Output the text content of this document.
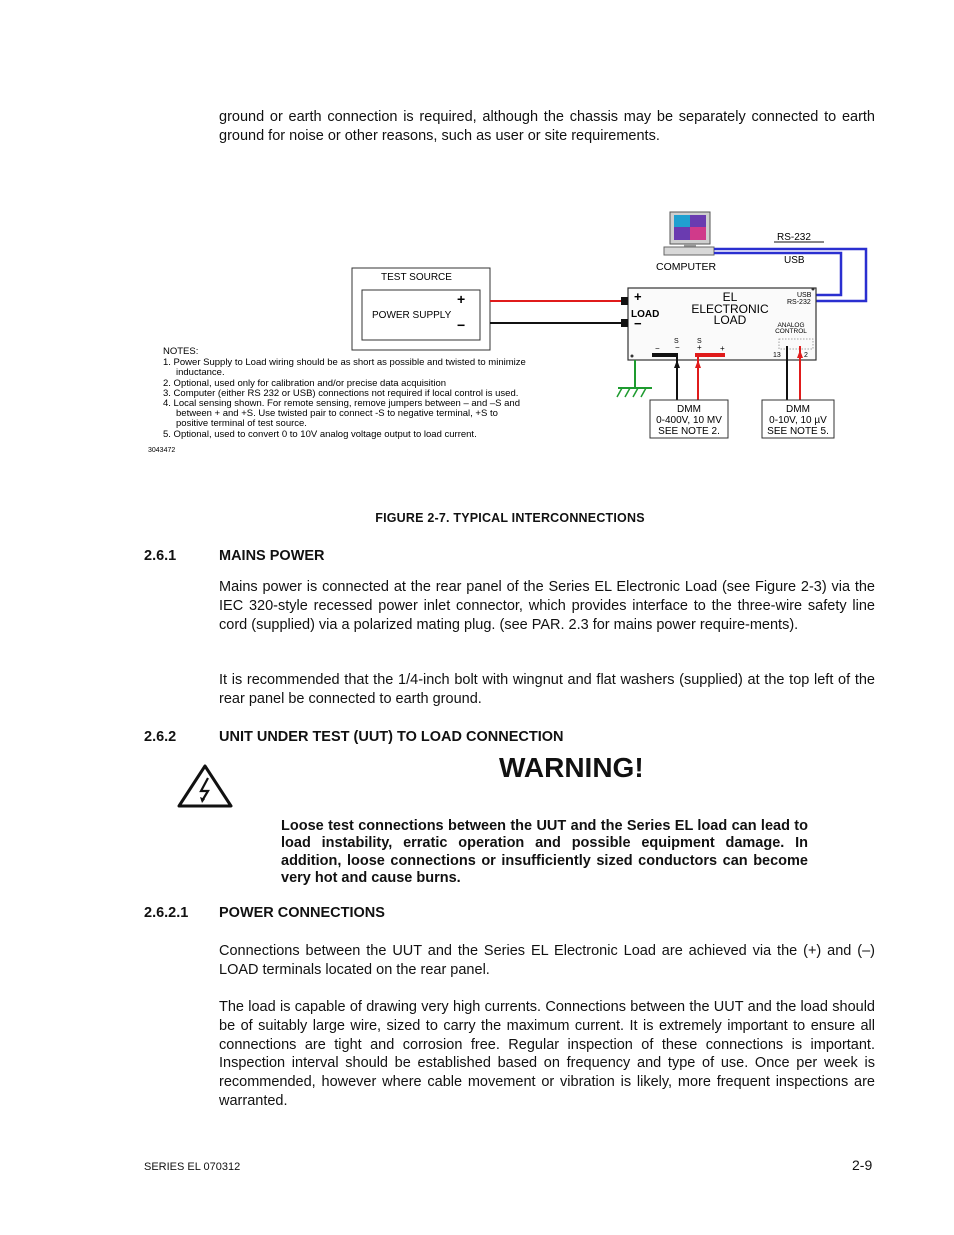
ground or earth connection is required, although the chassis may be separately connected to earth ground for noise or other reasons, such as user or site requirements.
COMPUTER
RS-232
USB
TEST SOURCE
POWER SUPPLY
+
−
+
−
LOAD
EL
ELECTRONIC
LOAD
USB
RS-232
ANALOG
CONTROL
13	2
S
−
S
+
−	+
DMM
0-400V, 10 MV
SEE NOTE 2.
DMM
0-10V, 10 µV
SEE NOTE 5.
NOTES:
1. Power Supply to Load wiring should be as short as possible and twisted to minimize
inductance.
2. Optional, used only for calibration and/or precise data acquisition
3. Computer (either RS 232 or USB) connections not required if local control is used.
4. Local sensing shown. For remote sensing, remove jumpers between – and –S and
between + and +S. Use twisted pair to connect -S to negative terminal, +S to
positive terminal of test source.
5. Optional, used to convert 0 to 10V analog voltage output to load current.
3043472
FIGURE 2-7. TYPICAL INTERCONNECTIONS
2.6.1	MAINS POWER
Mains power is connected at the rear panel of the Series EL Electronic Load (see Figure 2-3) via the IEC 320-style recessed power inlet connector, which provides interface to the three-wire safety line cord (supplied) via a polarized mating plug. (see PAR. 2.3 for mains power require-ments).
It is recommended that the 1/4-inch bolt with wingnut and flat washers (supplied) at the top left of the rear panel be connected to earth ground.
2.6.2	UNIT UNDER TEST (UUT) TO LOAD CONNECTION
WARNING!
Loose test connections between the UUT and the Series EL load can lead to load instability, erratic operation and possible equipment damage. In addition, loose connections or insufficiently sized conductors can become very hot and cause burns.
2.6.2.1 POWER CONNECTIONS
Connections between the UUT and the Series EL Electronic Load are achieved via the (+) and (–) LOAD terminals located on the rear panel.
The load is capable of drawing very high currents. Connections between the UUT and the load should be of suitably large wire, sized to carry the maximum current. It is extremely important to ensure all connections are tight and corrosion free. Regular inspection of these connections is important. Inspection interval should be established based on frequency and type of use. Once per week is recommended, however where cable movement or vibration is likely, more frequent inspections are warranted.
SERIES EL 070312	2-9
